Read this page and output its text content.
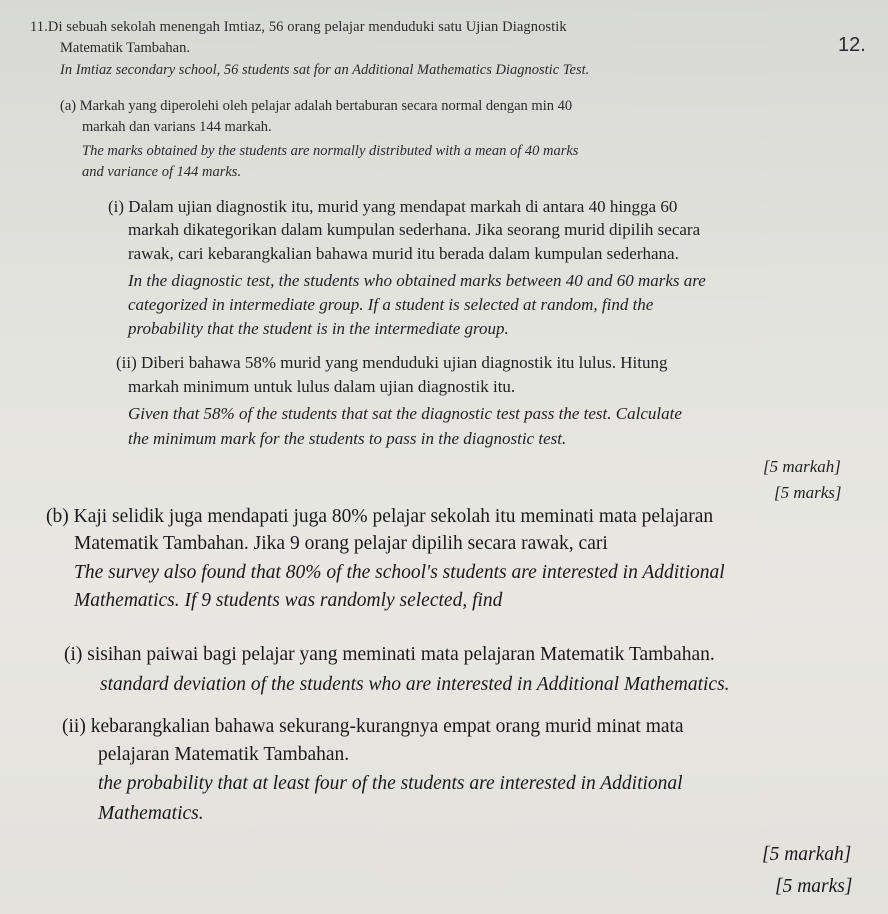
11.Di sebuah sekolah menengah Imtiaz, 56 orang pelajar menduduki satu Ujian Diagnostik
Matematik Tambahan.	12.
In Imtiaz secondary school, 56 students sat for an Additional Mathematics Diagnostic Test.
(a) Markah yang diperolehi oleh pelajar adalah bertaburan secara normal dengan min 40
markah dan varians 144 markah.
The marks obtained by the students are normally distributed with a mean of 40 marks
and variance of 144 marks.
(i) Dalam ujian diagnostik itu, murid yang mendapat markah di antara 40 hingga 60
markah dikategorikan dalam kumpulan sederhana. Jika seorang murid dipilih secara
rawak, cari kebarangkalian bahawa murid itu berada dalam kumpulan sederhana.
In the diagnostic test, the students who obtained marks between 40 and 60 marks are
categorized in intermediate group. If a student is selected at random, find the
probability that the student is in the intermediate group.
(ii) Diberi bahawa 58% murid yang menduduki ujian diagnostik itu lulus. Hitung
markah minimum untuk lulus dalam ujian diagnostik itu.
Given that 58% of the students that sat the diagnostic test pass the test. Calculate
the minimum mark for the students to pass in the diagnostic test.
[5 markah]
[5 marks]
(b) Kaji selidik juga mendapati juga 80% pelajar sekolah itu meminati mata pelajaran
Matematik Tambahan. Jika 9 orang pelajar dipilih secara rawak, cari
The survey also found that 80% of the school's students are interested in Additional
Mathematics. If 9 students was randomly selected, find
(i) sisihan paiwai bagi pelajar yang meminati mata pelajaran Matematik Tambahan.
standard deviation of the students who are interested in Additional Mathematics.
(ii) kebarangkalian bahawa sekurang-kurangnya empat orang murid minat mata
pelajaran Matematik Tambahan.
the probability that at least four of the students are interested in Additional
Mathematics.
[5 markah]
[5 marks]
